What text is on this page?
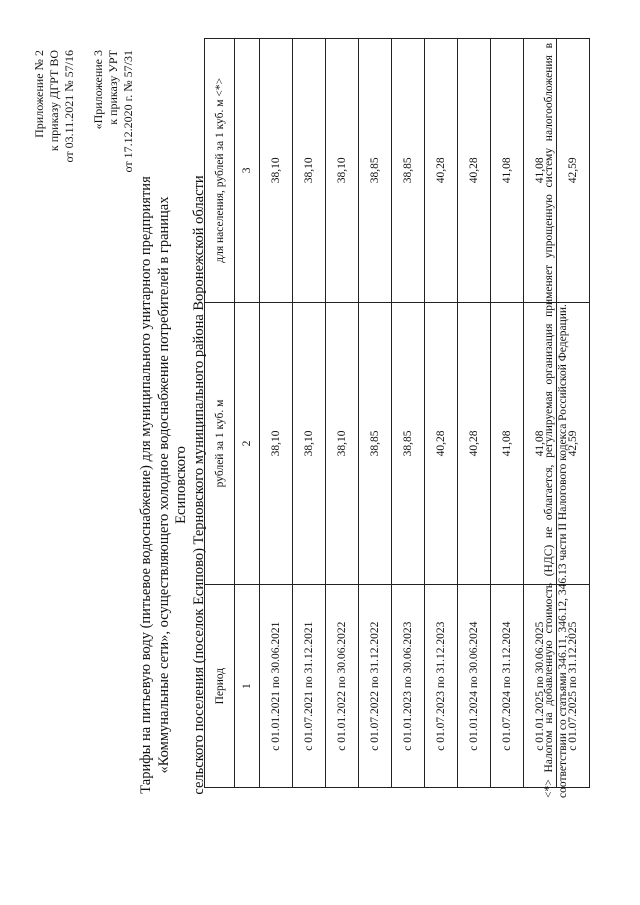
Приложение № 2 к приказу ДГРТ ВО от 03.11.2021 № 57/16 «Приложение 3 к приказу УРТ от 17.12.2020 г. № 57/31
Тарифы на питьевую воду (питьевое водоснабжение) для муниципального унитарного предприятия «Коммунальные сети», осуществляющего холодное водоснабжение потребителей в границах Есиповского сельского поселения (поселок Есипово) Терновского муниципального района Воронежской области Период	рублей за 1 куб. м	для населения, рублей за 1 куб. м <*>
1	2	3
с 01.01.2021 по 30.06.2021	38,10	38,10
с 01.07.2021 по 31.12.2021	38,10	38,10
с 01.01.2022 по 30.06.2022	38,10	38,10
с 01.07.2022 по 31.12.2022	38,85	38,85
с 01.01.2023 по 30.06.2023	38,85	38,85
с 01.07.2023 по 31.12.2023	40,28	40,28
с 01.01.2024 по 30.06.2024	40,28	40,28
с 01.07.2024 по 31.12.2024	41,08	41,08
с 01.01.2025 по 30.06.2025	41,08	41,08
с 01.07.2025 по 31.12.2025	42,59	42,59
<*> Налогом на добавленную стоимость (НДС) не облагается, регулируемая организация применяет упрощенную систему налогообложения в соответствии со статьями 346.11, 346.12, 346.13 части II Налогового кодекса Российской Федерации.
